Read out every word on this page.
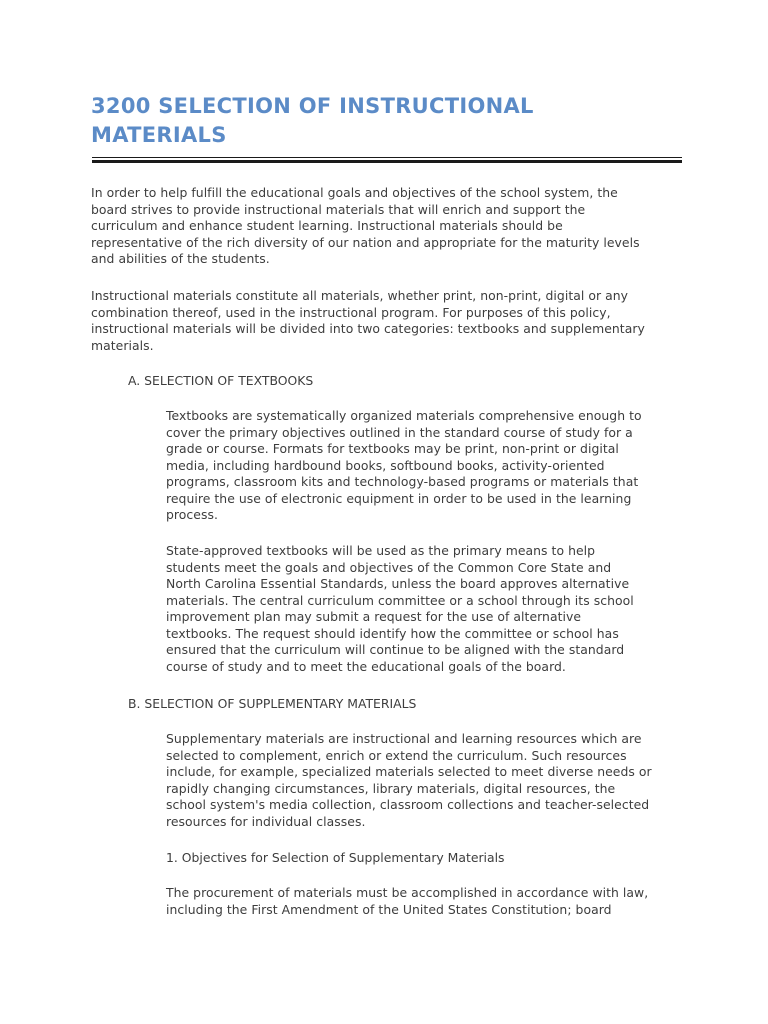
3200 SELECTION OF INSTRUCTIONAL
MATERIALS

In order to help fulfill the educational goals and objectives of the school system, the
board strives to provide instructional materials that will enrich and support the
curriculum and enhance student learning. Instructional materials should be
representative of the rich diversity of our nation and appropriate for the maturity levels
and abilities of the students.

Instructional materials constitute all materials, whether print, non-print, digital or any
combination thereof, used in the instructional program. For purposes of this policy,
instructional materials will be divided into two categories: textbooks and supplementary
materials.

A. SELECTION OF TEXTBOOKS

Textbooks are systematically organized materials comprehensive enough to
cover the primary objectives outlined in the standard course of study for a
grade or course. Formats for textbooks may be print, non-print or digital
media, including hardbound books, softbound books, activity-oriented
programs, classroom kits and technology-based programs or materials that
require the use of electronic equipment in order to be used in the learning
process.

State-approved textbooks will be used as the primary means to help
students meet the goals and objectives of the Common Core State and
North Carolina Essential Standards, unless the board approves alternative
materials. The central curriculum committee or a school through its school
improvement plan may submit a request for the use of alternative
textbooks. The request should identify how the committee or school has
ensured that the curriculum will continue to be aligned with the standard
course of study and to meet the educational goals of the board.

B. SELECTION OF SUPPLEMENTARY MATERIALS

Supplementary materials are instructional and learning resources which are
selected to complement, enrich or extend the curriculum. Such resources
include, for example, specialized materials selected to meet diverse needs or
rapidly changing circumstances, library materials, digital resources, the
school system's media collection, classroom collections and teacher-selected
resources for individual classes.

1. Objectives for Selection of Supplementary Materials

The procurement of materials must be accomplished in accordance with law,
including the First Amendment of the United States Constitution; board
